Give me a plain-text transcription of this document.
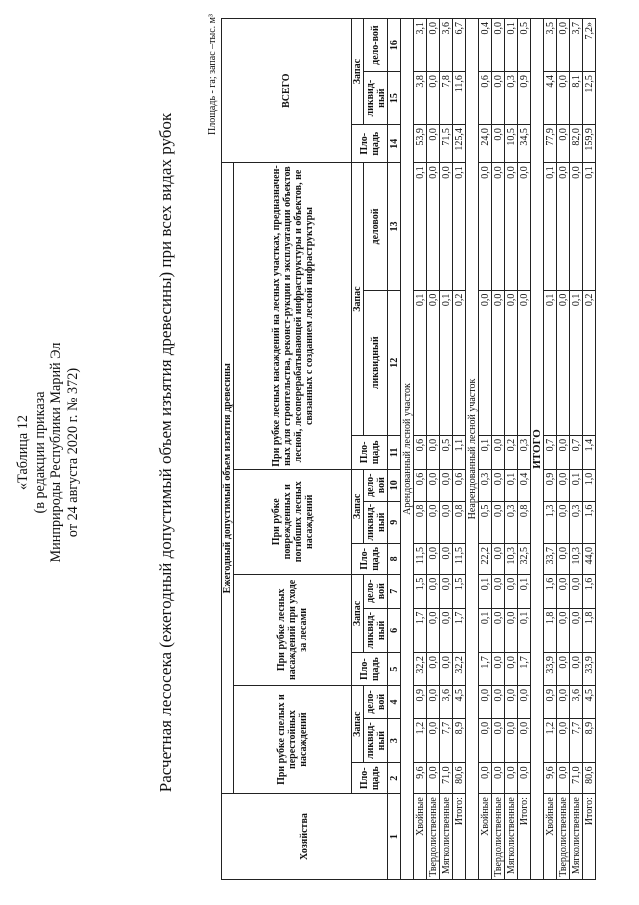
«Таблица 12 (в редакции приказа Минприроды Республики Марий Эл от 24 августа 2020 г. № 372)	Расчетная лесосека (ежегодный допустимый объем изъятия древесины) при всех видах рубок
Площадь - га; запас –тыс. м³
Хозяйства	Ежегодный допустимый объем изъятия древесины												ВСЕГО		
	При рубке спелых и перестойных насаждений			При рубке лесных насаждений при уходе за лесами			При рубке поврежденных и погибших лесных насаждений			При рубке лесных насаждений на лесных участках, предназначен-ных для строительства, реконст-рукции и эксплуатации объектов лесной, лесоперерабатывающей инфраструктуры и объектов, не связанных с созданием лесной инфраструктуры					
	Пло-щадь	Запас		Пло-щадь	Запас		Пло-щадь	Запас		Пло-щадь	Запас		Пло-щадь	Запас	
		ликвид-ный	дело-вой		ликвид-ный	дело-вой		ликвид-ный	дело-вой		ликвидный	деловой		ликвид-ный	дело-вой
1	2	3	4	5	6	7	8	9	10	11	12	13	14	15	16
Арендованный лесной участок															
Хвойные	9,6	1,2	0,9	32,2	1,7	1,5	11,5	0,8	0,6	0,6	0,1	0,1	53,9	3,8	3,1
Твердолиственные	0,0	0,0	0,0	0,0	0,0	0,0	0,0	0,0	0,0	0,0	0,0	0,0	0,0	0,0	0,0
Мягколиственные	71,0	7,7	3,6	0,0	0,0	0,0	0,0	0,0	0,0	0,5	0,1	0,0	71,5	7,8	3,6
Итого:	80,6	8,9	4,5	32,2	1,7	1,5	11,5	0,8	0,6	1,1	0,2	0,1	125,4	11,6	6,7
Неарендованный лесной участок															
Хвойные	0,0	0,0	0,0	1,7	0,1	0,1	22,2	0,5	0,3	0,1	0,0	0,0	24,0	0,6	0,4
Твердолиственные	0,0	0,0	0,0	0,0	0,0	0,0	0,0	0,0	0,0	0,0	0,0	0,0	0,0	0,0	0,0
Мягколиственные	0,0	0,0	0,0	0,0	0,0	0,0	10,3	0,3	0,1	0,2	0,0	0,0	10,5	0,3	0,1
Итого:	0,0	0,0	0,0	1,7	0,1	0,1	32,5	0,8	0,4	0,3	0,0	0,0	34,5	0,9	0,5
ИТОГО															
Хвойные	9,6	1,2	0,9	33,9	1,8	1,6	33,7	1,3	0,9	0,7	0,1	0,1	77,9	4,4	3,5
Твердолиственные	0,0	0,0	0,0	0,0	0,0	0,0	0,0	0,0	0,0	0,0	0,0	0,0	0,0	0,0	0,0
Мягколиственные	71,0	7,7	3,6	0,0	0,0	0,0	10,3	0,3	0,1	0,7	0,1	0,0	82,0	8,1	3,7
Итого:	80,6	8,9	4,5	33,9	1,8	1,6	44,0	1,6	1,0	1,4	0,2	0,1	159,9	12,5	7,2»
